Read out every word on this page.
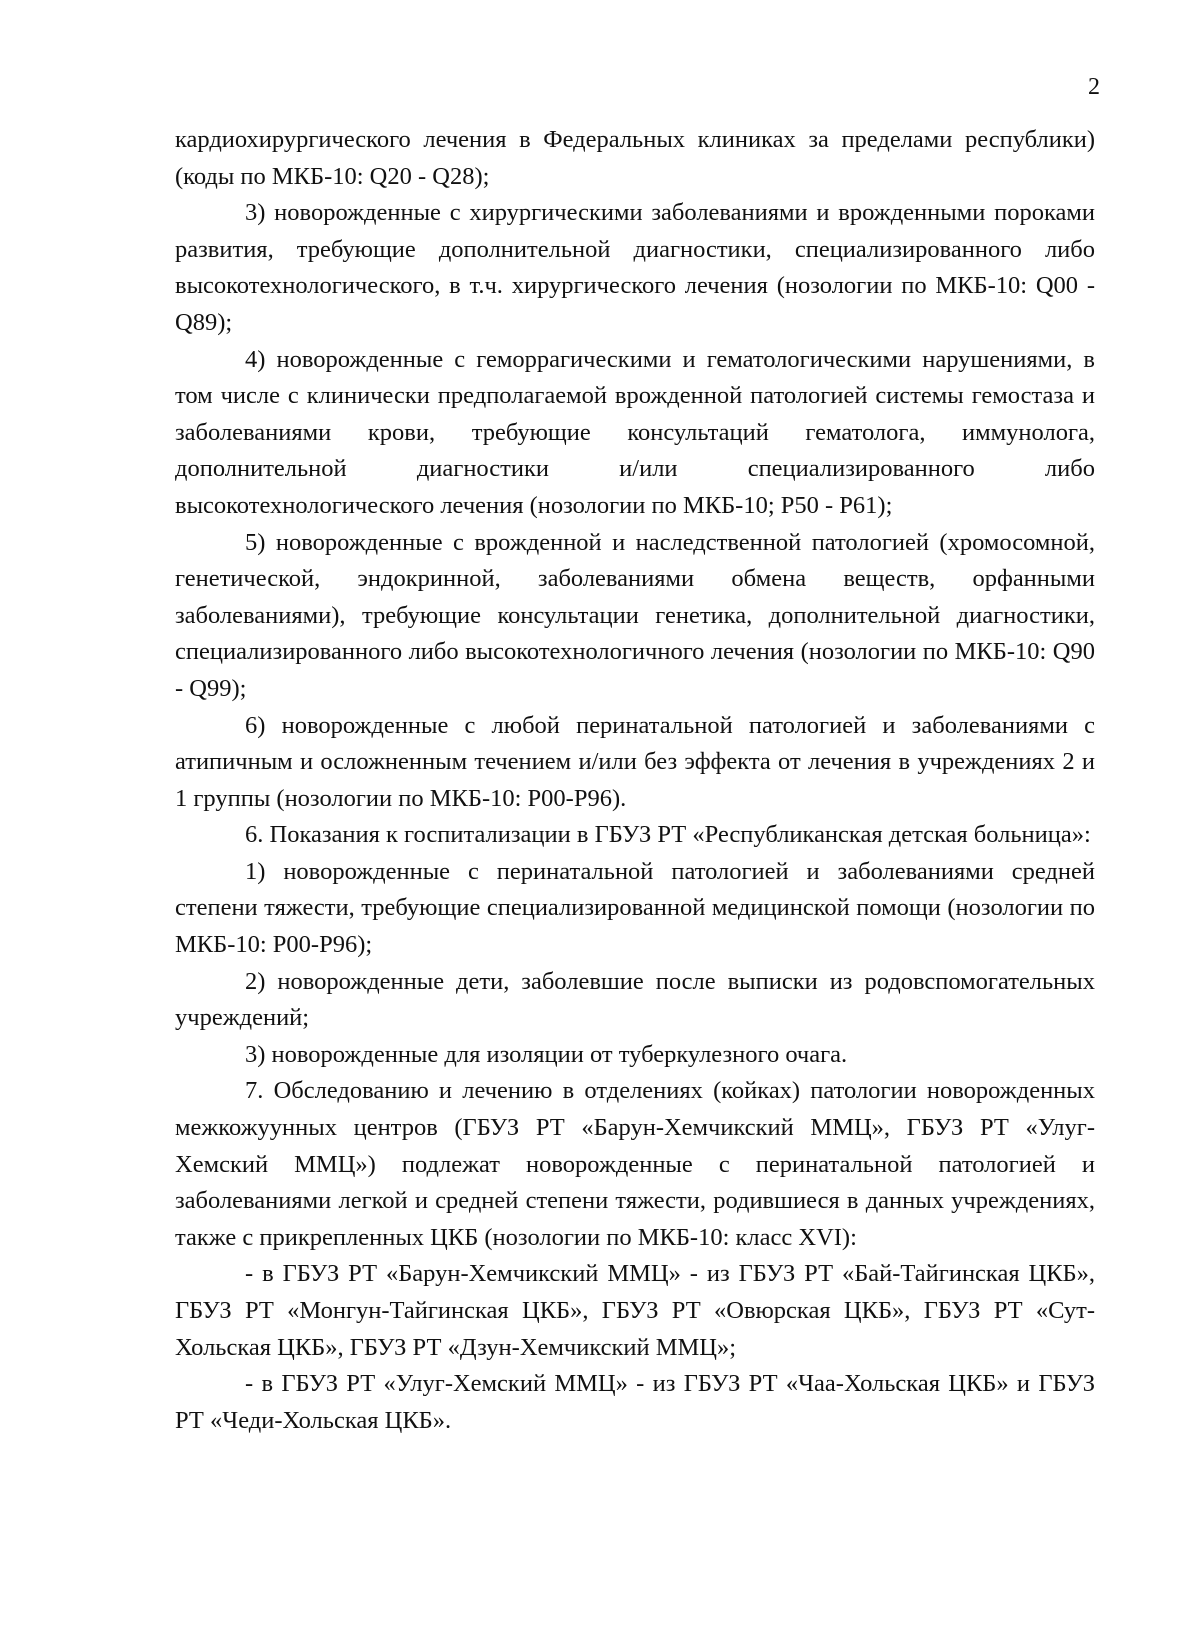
2

кардиохирургического лечения в Федеральных клиниках за пределами республики) (коды по МКБ-10: Q20 - Q28);

3) новорожденные с хирургическими заболеваниями и врожденными пороками развития, требующие дополнительной диагностики, специализированного либо высокотехнологического, в т.ч. хирургического лечения (нозологии по МКБ-10: Q00 - Q89);

4) новорожденные с геморрагическими и гематологическими нарушениями, в том числе с клинически предполагаемой врожденной патологией системы гемостаза и заболеваниями крови, требующие консультаций гематолога, иммунолога, дополнительной диагностики и/или специализированного либо высокотехнологического лечения (нозологии по МКБ-10; Р50 - Р61);

5) новорожденные с врожденной и наследственной патологией (хромосомной, генетической, эндокринной, заболеваниями обмена веществ, орфанными заболеваниями), требующие консультации генетика, дополнительной диагностики, специализированного либо высокотехнологичного лечения (нозологии по МКБ-10: Q90 - Q99);

6) новорожденные с любой перинатальной патологией и заболеваниями с атипичным и осложненным течением и/или без эффекта от лечения в учреждениях 2 и 1 группы (нозологии по МКБ-10: Р00-Р96).

6. Показания к госпитализации в ГБУЗ РТ «Республиканская детская больница»:

1) новорожденные с перинатальной патологией и заболеваниями средней степени тяжести, требующие специализированной медицинской помощи (нозологии по МКБ-10: Р00-Р96);

2) новорожденные дети, заболевшие после выписки из родовспомогательных учреждений;

3) новорожденные для изоляции от туберкулезного очага.

7. Обследованию и лечению в отделениях (койках) патологии новорожденных межкожуунных центров (ГБУЗ РТ «Барун-Хемчикский ММЦ», ГБУЗ РТ «Улуг-Хемский ММЦ») подлежат новорожденные с перинатальной патологией и заболеваниями легкой и средней степени тяжести, родившиеся в данных учреждениях, также с прикрепленных ЦКБ (нозологии по МКБ-10: класс XVI):

- в ГБУЗ РТ «Барун-Хемчикский ММЦ» - из ГБУЗ РТ «Бай-Тайгинская ЦКБ», ГБУЗ РТ «Монгун-Тайгинская ЦКБ», ГБУЗ РТ «Овюрская ЦКБ», ГБУЗ РТ «Сут-Хольская ЦКБ», ГБУЗ РТ «Дзун-Хемчикский ММЦ»;

- в ГБУЗ РТ «Улуг-Хемский ММЦ» - из ГБУЗ РТ «Чаа-Хольская ЦКБ» и ГБУЗ РТ «Чеди-Хольская ЦКБ».
